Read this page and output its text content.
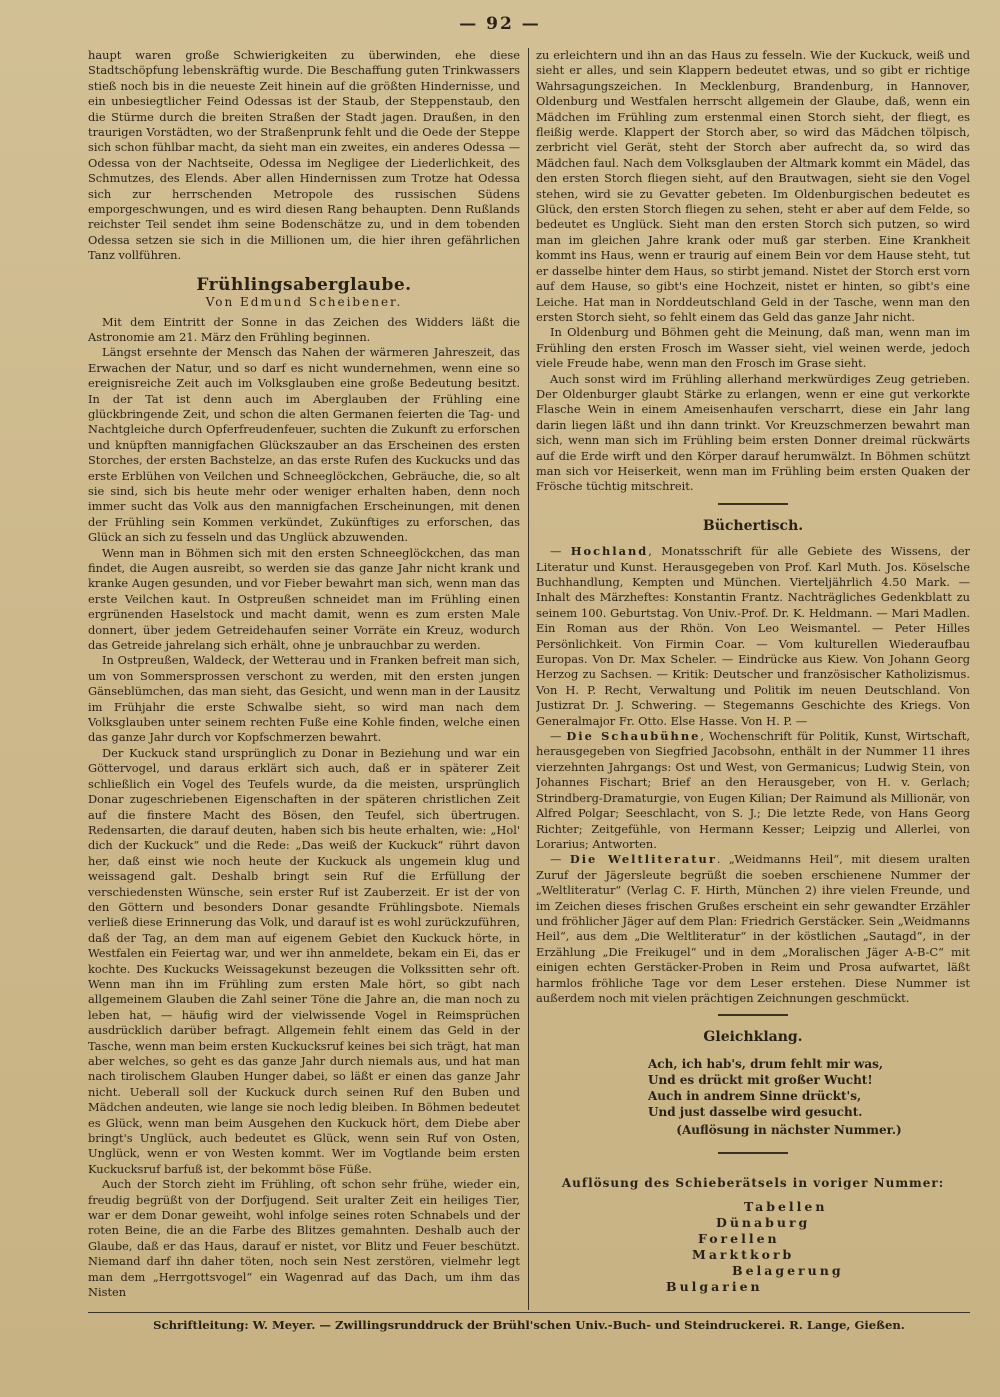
— 92 —

haupt waren große Schwierigkeiten zu überwinden, ehe diese Stadtschöpfung lebenskräftig wurde. Die Beschaffung guten Trinkwassers stieß noch bis in die neueste Zeit hinein auf die größten Hindernisse, und ein unbesiegtlicher Feind Odessas ist der Staub, der Steppenstaub, den die Stürme durch die breiten Straßen der Stadt jagen. Draußen, in den traurigen Vorstädten, wo der Straßenprunk fehlt und die Oede der Steppe sich schon fühlbar macht, da sieht man ein zweites, ein anderes Odessa — Odessa von der Nachtseite, Odessa im Negligee der Liederlichkeit, des Schmutzes, des Elends. Aber allen Hindernissen zum Trotze hat Odessa sich zur herrschenden Metropole des russischen Südens emporgeschwungen, und es wird diesen Rang behaupten. Denn Rußlands reichster Teil sendet ihm seine Bodenschätze zu, und in dem tobenden Odessa setzen sie sich in die Millionen um, die hier ihren gefährlichen Tanz vollführen.

Frühlingsaberglaube.
Von Edmund Scheibener.

Mit dem Eintritt der Sonne in das Zeichen des Widders läßt die Astronomie am 21. März den Frühling beginnen.

Längst ersehnte der Mensch das Nahen der wärmeren Jahreszeit, das Erwachen der Natur, und so darf es nicht wundernehmen, wenn eine so ereignisreiche Zeit auch im Volksglauben eine große Bedeutung besitzt. In der Tat ist denn auch im Aberglauben der Frühling eine glückbringende Zeit, und schon die alten Germanen feierten die Tag- und Nachtgleiche durch Opferfreudenfeuer, suchten die Zukunft zu erforschen und knüpften mannigfachen Glückszauber an das Erscheinen des ersten Storches, der ersten Bachstelze, an das erste Rufen des Kuckucks und das erste Erblühen von Veilchen und Schneeglöckchen, Gebräuche, die, so alt sie sind, sich bis heute mehr oder weniger erhalten haben, denn noch immer sucht das Volk aus den mannigfachen Erscheinungen, mit denen der Frühling sein Kommen verkündet, Zukünftiges zu erforschen, das Glück an sich zu fesseln und das Unglück abzuwenden.

Wenn man in Böhmen sich mit den ersten Schneeglöckchen, das man findet, die Augen ausreibt, so werden sie das ganze Jahr nicht krank und kranke Augen gesunden, und vor Fieber bewahrt man sich, wenn man das erste Veilchen kaut. In Ostpreußen schneidet man im Frühling einen ergrünenden Haselstock und macht damit, wenn es zum ersten Male donnert, über jedem Getreidehaufen seiner Vorräte ein Kreuz, wodurch das Getreide jahrelang sich erhält, ohne je unbrauchbar zu werden.

In Ostpreußen, Waldeck, der Wetterau und in Franken befreit man sich, um von Sommersprossen verschont zu werden, mit den ersten jungen Gänseblümchen, das man sieht, das Gesicht, und wenn man in der Lausitz im Frühjahr die erste Schwalbe sieht, so wird man nach dem Volksglauben unter seinem rechten Fuße eine Kohle finden, welche einen das ganze Jahr durch vor Kopfschmerzen bewahrt.

Der Kuckuck stand ursprünglich zu Donar in Beziehung und war ein Göttervogel, und daraus erklärt sich auch, daß er in späterer Zeit schließlich ein Vogel des Teufels wurde, da die meisten, ursprünglich Donar zugeschriebenen Eigenschaften in der späteren christlichen Zeit auf die finstere Macht des Bösen, den Teufel, sich übertrugen. Redensarten, die darauf deuten, haben sich bis heute erhalten, wie: „Hol' dich der Kuckuck“ und die Rede: „Das weiß der Kuckuck“ rührt davon her, daß einst wie noch heute der Kuckuck als ungemein klug und weissagend galt. Deshalb bringt sein Ruf die Erfüllung der verschiedensten Wünsche, sein erster Ruf ist Zauberzeit. Er ist der von den Göttern und besonders Donar gesandte Frühlingsbote. Niemals verließ diese Erinnerung das Volk, und darauf ist es wohl zurückzuführen, daß der Tag, an dem man auf eigenem Gebiet den Kuckuck hörte, in Westfalen ein Feiertag war, und wer ihn anmeldete, bekam ein Ei, das er kochte. Des Kuckucks Weissagekunst bezeugen die Volkssitten sehr oft. Wenn man ihn im Frühling zum ersten Male hört, so gibt nach allgemeinem Glauben die Zahl seiner Töne die Jahre an, die man noch zu leben hat, — häufig wird der vielwissende Vogel in Reimsprüchen ausdrücklich darüber befragt. Allgemein fehlt einem das Geld in der Tasche, wenn man beim ersten Kuckucksruf keines bei sich trägt, hat man aber welches, so geht es das ganze Jahr durch niemals aus, und hat man nach tirolischem Glauben Hunger dabei, so läßt er einen das ganze Jahr nicht. Ueberall soll der Kuckuck durch seinen Ruf den Buben und Mädchen andeuten, wie lange sie noch ledig bleiben. In Böhmen bedeutet es Glück, wenn man beim Ausgehen den Kuckuck hört, dem Diebe aber bringt's Unglück, auch bedeutet es Glück, wenn sein Ruf von Osten, Unglück, wenn er von Westen kommt. Wer im Vogtlande beim ersten Kuckucksruf barfuß ist, der bekommt böse Füße.

Auch der Storch zieht im Frühling, oft schon sehr frühe, wieder ein, freudig begrüßt von der Dorfjugend. Seit uralter Zeit ein heiliges Tier, war er dem Donar geweiht, wohl infolge seines roten Schnabels und der roten Beine, die an die Farbe des Blitzes gemahnten. Deshalb auch der Glaube, daß er das Haus, darauf er nistet, vor Blitz und Feuer beschützt. Niemand darf ihn daher töten, noch sein Nest zerstören, vielmehr legt man dem „Herrgottsvogel“ ein Wagenrad auf das Dach, um ihm das Nisten

zu erleichtern und ihn an das Haus zu fesseln. Wie der Kuckuck, weiß und sieht er alles, und sein Klappern bedeutet etwas, und so gibt er richtige Wahrsagungszeichen. In Mecklenburg, Brandenburg, in Hannover, Oldenburg und Westfalen herrscht allgemein der Glaube, daß, wenn ein Mädchen im Frühling zum erstenmal einen Storch sieht, der fliegt, es fleißig werde. Klappert der Storch aber, so wird das Mädchen tölpisch, zerbricht viel Gerät, steht der Storch aber aufrecht da, so wird das Mädchen faul. Nach dem Volksglauben der Altmark kommt ein Mädel, das den ersten Storch fliegen sieht, auf den Brautwagen, sieht sie den Vogel stehen, wird sie zu Gevatter gebeten. Im Oldenburgischen bedeutet es Glück, den ersten Storch fliegen zu sehen, steht er aber auf dem Felde, so bedeutet es Unglück. Sieht man den ersten Storch sich putzen, so wird man im gleichen Jahre krank oder muß gar sterben. Eine Krankheit kommt ins Haus, wenn er traurig auf einem Bein vor dem Hause steht, tut er dasselbe hinter dem Haus, so stirbt jemand. Nistet der Storch erst vorn auf dem Hause, so gibt's eine Hochzeit, nistet er hinten, so gibt's eine Leiche. Hat man in Norddeutschland Geld in der Tasche, wenn man den ersten Storch sieht, so fehlt einem das Geld das ganze Jahr nicht.

In Oldenburg und Böhmen geht die Meinung, daß man, wenn man im Frühling den ersten Frosch im Wasser sieht, viel weinen werde, jedoch viele Freude habe, wenn man den Frosch im Grase sieht.

Auch sonst wird im Frühling allerhand merkwürdiges Zeug getrieben. Der Oldenburger glaubt Stärke zu erlangen, wenn er eine gut verkorkte Flasche Wein in einem Ameisenhaufen verscharrt, diese ein Jahr lang darin liegen läßt und ihn dann trinkt. Vor Kreuzschmerzen bewahrt man sich, wenn man sich im Frühling beim ersten Donner dreimal rückwärts auf die Erde wirft und den Körper darauf herumwälzt. In Böhmen schützt man sich vor Heiserkeit, wenn man im Frühling beim ersten Quaken der Frösche tüchtig mitschreit.

Büchertisch.

— Hochland, Monatsschrift für alle Gebiete des Wissens, der Literatur und Kunst. Herausgegeben von Prof. Karl Muth. Jos. Köselsche Buchhandlung, Kempten und München. Vierteljährlich 4.50 Mark. — Inhalt des Märzheftes: Konstantin Frantz. Nachträgliches Gedenkblatt zu seinem 100. Geburtstag. Von Univ.-Prof. Dr. K. Heldmann. — Mari Madlen. Ein Roman aus der Rhön. Von Leo Weismantel. — Peter Hilles Persönlichkeit. Von Firmin Coar. — Vom kulturellen Wiederaufbau Europas. Von Dr. Max Scheler. — Eindrücke aus Kiew. Von Johann Georg Herzog zu Sachsen. — Kritik: Deutscher und französischer Katholizismus. Von H. P. Recht, Verwaltung und Politik im neuen Deutschland. Von Justizrat Dr. J. Schwering. — Stegemanns Geschichte des Kriegs. Von Generalmajor Fr. Otto. Else Hasse. Von H. P. —

— Die Schaubühne, Wochenschrift für Politik, Kunst, Wirtschaft, herausgegeben von Siegfried Jacobsohn, enthält in der Nummer 11 ihres vierzehnten Jahrgangs: Ost und West, von Germanicus; Ludwig Stein, von Johannes Fischart; Brief an den Herausgeber, von H. v. Gerlach; Strindberg-Dramaturgie, von Eugen Kilian; Der Raimund als Millionär, von Alfred Polgar; Seeschlacht, von S. J.; Die letzte Rede, von Hans Georg Richter; Zeitgefühle, von Hermann Kesser; Leipzig und Allerlei, von Lorarius; Antworten.

— Die Weltliteratur. „Weidmanns Heil“, mit diesem uralten Zuruf der Jägersleute begrüßt die soeben erschienene Nummer der „Weltliteratur“ (Verlag C. F. Hirth, München 2) ihre vielen Freunde, und im Zeichen dieses frischen Grußes erscheint ein sehr gewandter Erzähler und fröhlicher Jäger auf dem Plan: Friedrich Gerstäcker. Sein „Weidmanns Heil“, aus dem „Die Weltliteratur“ in der köstlichen „Sautagd“, in der Erzählung „Die Freikugel“ und in dem „Moralischen Jäger A-B-C“ mit einigen echten Gerstäcker-Proben in Reim und Prosa aufwartet, läßt harmlos fröhliche Tage vor dem Leser erstehen. Diese Nummer ist außerdem noch mit vielen prächtigen Zeichnungen geschmückt.

Gleichklang.
Ach, ich hab's, drum fehlt mir was,
Und es drückt mit großer Wucht!
Auch in andrem Sinne drückt's,
Und just dasselbe wird gesucht.
(Auflösung in nächster Nummer.)
Auflösung des Schieberätsels in voriger Nummer:
Tabellen
Dünaburg
Forellen
Marktkorb
Belagerung
Bulgarien
Schriftleitung: W. Meyer. — Zwillingsrunddruck der Brühl'schen Univ.-Buch- und Steindruckerei. R. Lange, Gießen.
